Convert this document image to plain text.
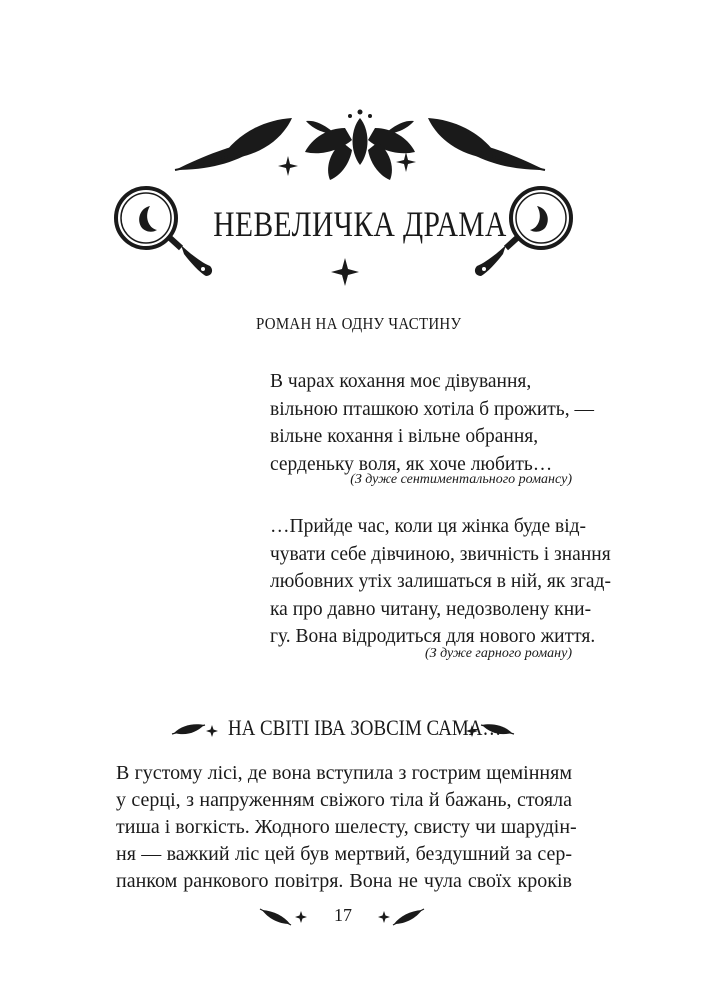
НЕВЕЛИЧКА ДРАМА
РОМАН НА ОДНУ ЧАСТИНУ
В чарах кохання моє дівування,
вільною пташкою хотіла б прожить, —
вільне кохання і вільне обрання,
серденьку воля, як хоче любить…
(З дуже сентиментального романсу)
…Прийде час, коли ця жінка буде від-
чувати себе дівчиною, звичність і знання
любовних утіх залишаться в ній, як згад-
ка про давно читану, недозволену кни-
гу. Вона відродиться для нового життя.
(З дуже гарного роману)
НА СВІТІ ІВА ЗОВСІМ САМА…
В густому лісі, де вона вступила з гострим щемінням
у серці, з напруженням свіжого тіла й бажань, стояла
тиша і вогкість. Жодного шелесту, свисту чи шарудін-
ня — важкий ліс цей був мертвий, бездушний за сер-
панком ранкового повітря. Вона не чула своїх кроків
17
